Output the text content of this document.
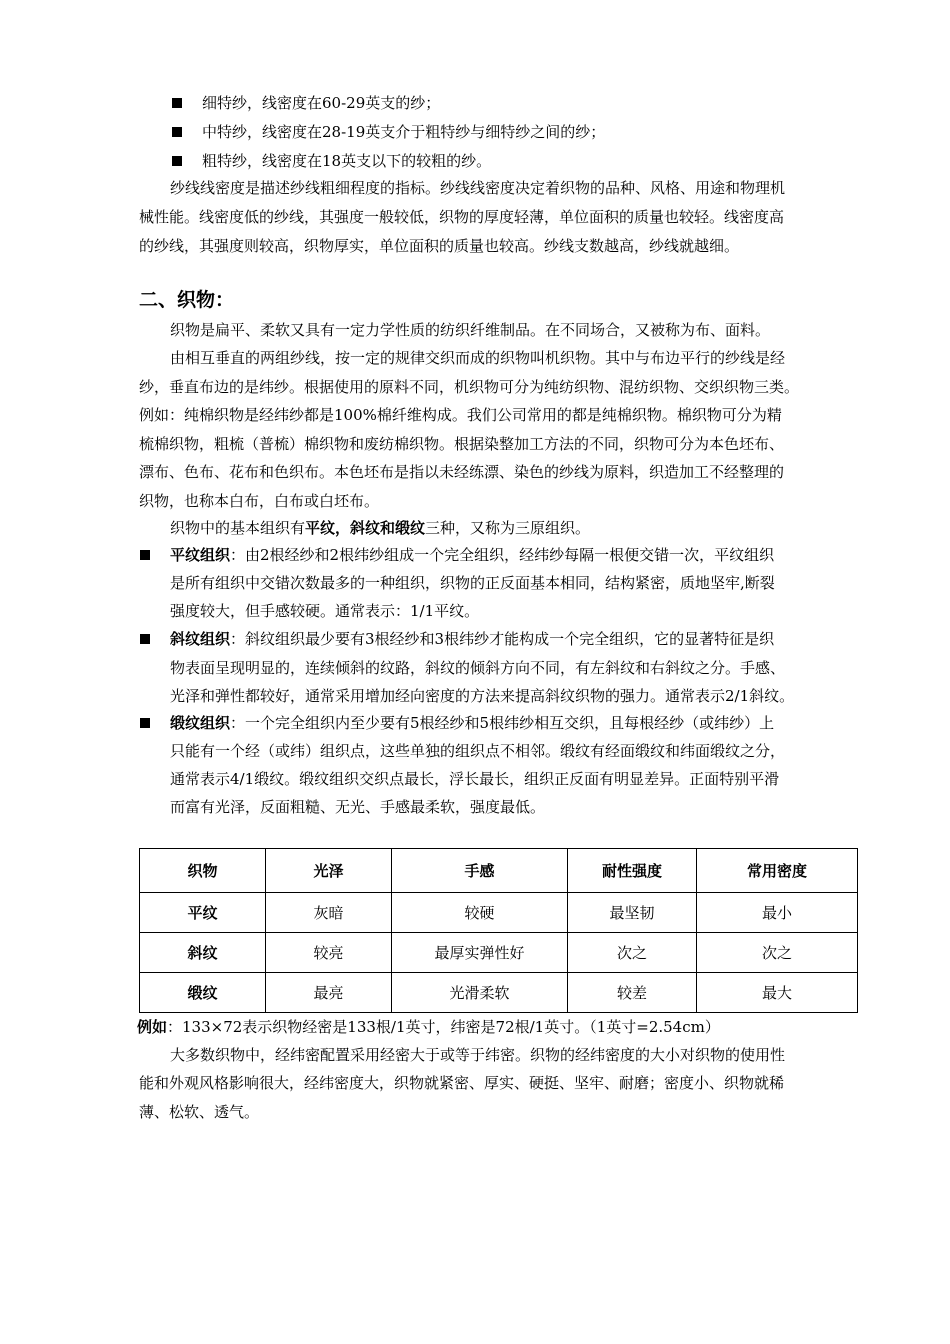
细特纱，线密度在60-29英支的纱；
中特纱，线密度在28-19英支介于粗特纱与细特纱之间的纱；
粗特纱，线密度在18英支以下的较粗的纱。
纱线线密度是描述纱线粗细程度的指标。纱线线密度决定着织物的品种、风格、用途和物理机
械性能。线密度低的纱线，其强度一般较低，织物的厚度轻薄，单位面积的质量也较轻。线密度高
的纱线，其强度则较高，织物厚实，单位面积的质量也较高。纱线支数越高，纱线就越细。
二、织物：
织物是扁平、柔软又具有一定力学性质的纺织纤维制品。在不同场合，又被称为布、面料。
由相互垂直的两组纱线，按一定的规律交织而成的织物叫机织物。其中与布边平行的纱线是经
纱，垂直布边的是纬纱。根据使用的原料不同，机织物可分为纯纺织物、混纺织物、交织织物三类。
例如：纯棉织物是经纬纱都是100%棉纤维构成。我们公司常用的都是纯棉织物。棉织物可分为精
梳棉织物，粗梳（普梳）棉织物和废纺棉织物。根据染整加工方法的不同，织物可分为本色坯布、
漂布、色布、花布和色织布。本色坯布是指以未经练漂、染色的纱线为原料，织造加工不经整理的
织物，也称本白布，白布或白坯布。
织物中的基本组织有平纹，斜纹和缎纹三种，又称为三原组织。
平纹组织：由2根经纱和2根纬纱组成一个完全组织，经纬纱每隔一根便交错一次，平纹组织
是所有组织中交错次数最多的一种组织，织物的正反面基本相同，结构紧密，质地坚牢,断裂
强度较大，但手感较硬。通常表示：1/1平纹。
斜纹组织：斜纹组织最少要有3根经纱和3根纬纱才能构成一个完全组织，它的显著特征是织
物表面呈现明显的，连续倾斜的纹路，斜纹的倾斜方向不同，有左斜纹和右斜纹之分。手感、
光泽和弹性都较好，通常采用增加经向密度的方法来提高斜纹织物的强力。通常表示2/1斜纹。
缎纹组织：一个完全组织内至少要有5根经纱和5根纬纱相互交织，且每根经纱（或纬纱）上
只能有一个经（或纬）组织点，这些单独的组织点不相邻。缎纹有经面缎纹和纬面缎纹之分，
通常表示4/1缎纹。缎纹组织交织点最长，浮长最长，组织正反面有明显差异。正面特别平滑
而富有光泽，反面粗糙、无光、手感最柔软，强度最低。
织物	光泽	手感	耐性强度	常用密度
平纹	灰暗	较硬	最坚韧	最小
斜纹	较亮	最厚实弹性好	次之	次之
缎纹	最亮	光滑柔软	较差	最大
例如：133×72表示织物经密是133根/1英寸，纬密是72根/1英寸。（1英寸=2.54cm）
大多数织物中，经纬密配置采用经密大于或等于纬密。织物的经纬密度的大小对织物的使用性
能和外观风格影响很大，经纬密度大，织物就紧密、厚实、硬挺、坚牢、耐磨；密度小、织物就稀
薄、松软、透气。
